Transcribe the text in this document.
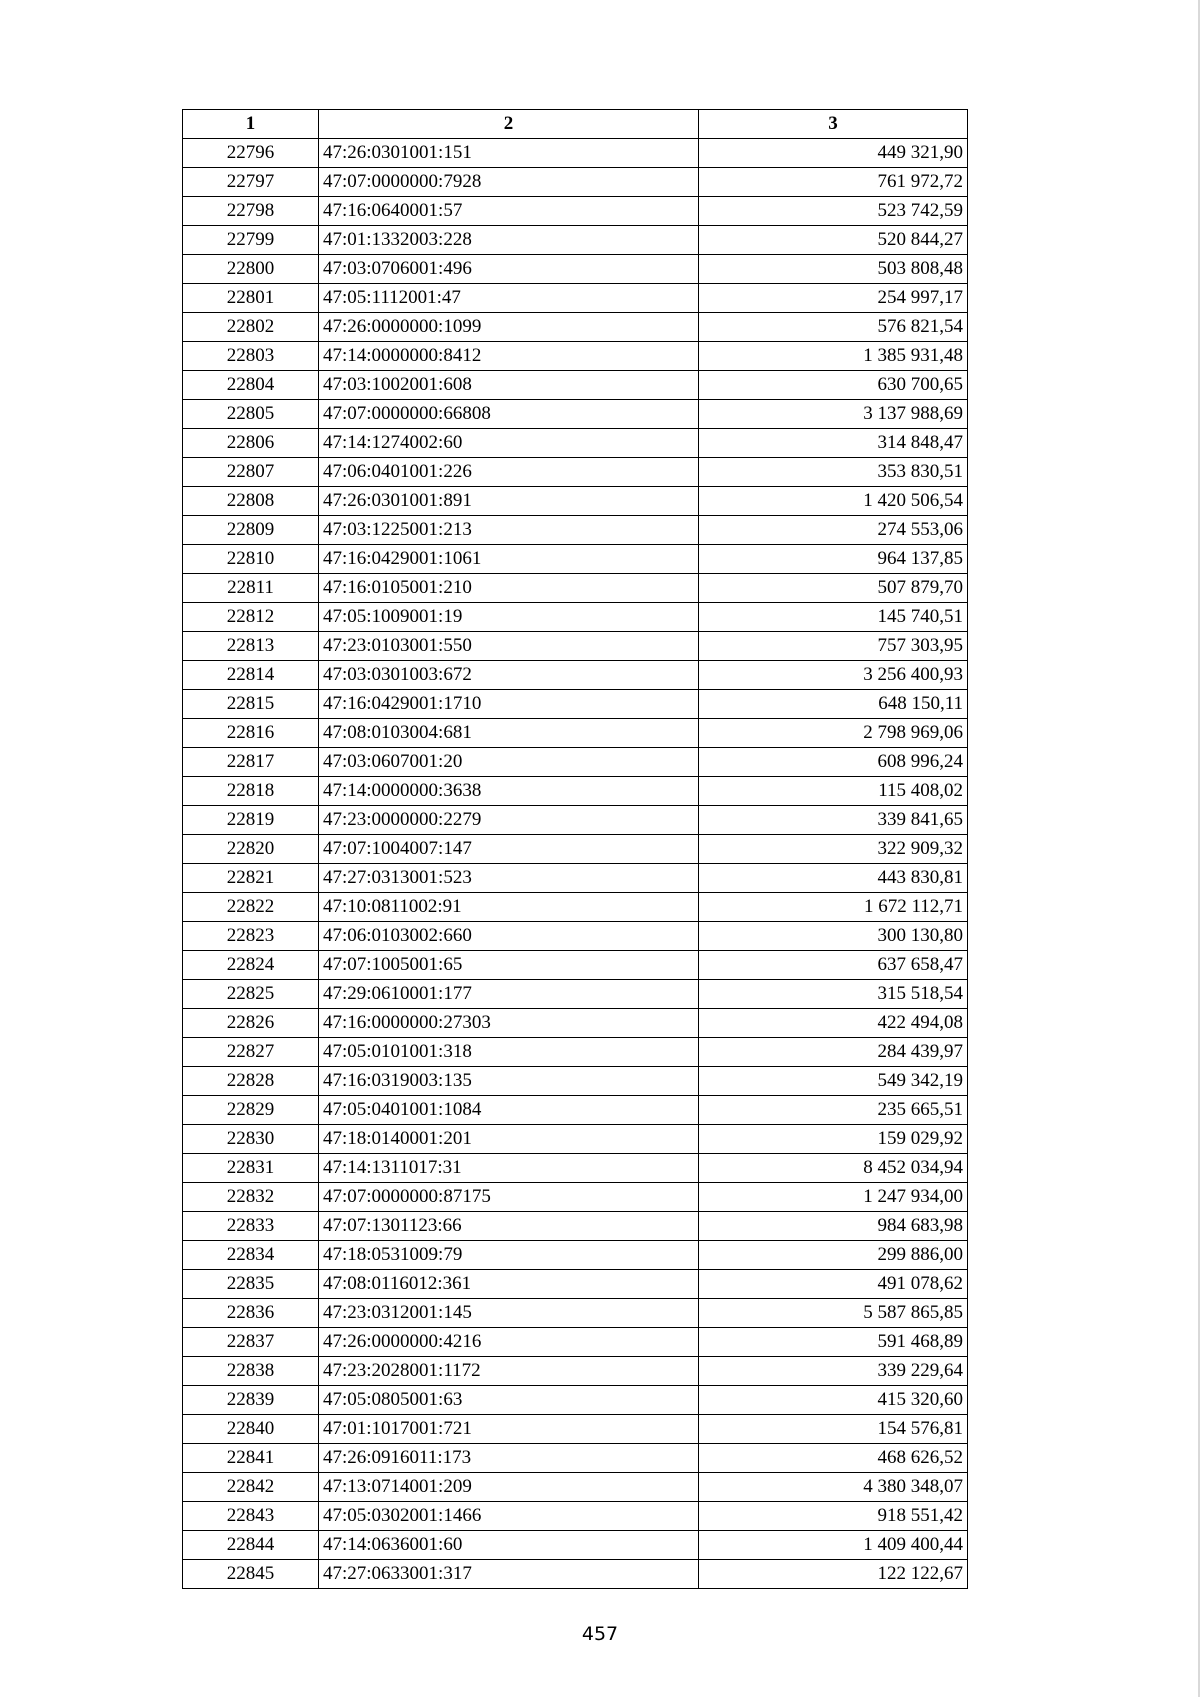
1	2	3
22796	47:26:0301001:151	449 321,90
22797	47:07:0000000:7928	761 972,72
22798	47:16:0640001:57	523 742,59
22799	47:01:1332003:228	520 844,27
22800	47:03:0706001:496	503 808,48
22801	47:05:1112001:47	254 997,17
22802	47:26:0000000:1099	576 821,54
22803	47:14:0000000:8412	1 385 931,48
22804	47:03:1002001:608	630 700,65
22805	47:07:0000000:66808	3 137 988,69
22806	47:14:1274002:60	314 848,47
22807	47:06:0401001:226	353 830,51
22808	47:26:0301001:891	1 420 506,54
22809	47:03:1225001:213	274 553,06
22810	47:16:0429001:1061	964 137,85
22811	47:16:0105001:210	507 879,70
22812	47:05:1009001:19	145 740,51
22813	47:23:0103001:550	757 303,95
22814	47:03:0301003:672	3 256 400,93
22815	47:16:0429001:1710	648 150,11
22816	47:08:0103004:681	2 798 969,06
22817	47:03:0607001:20	608 996,24
22818	47:14:0000000:3638	115 408,02
22819	47:23:0000000:2279	339 841,65
22820	47:07:1004007:147	322 909,32
22821	47:27:0313001:523	443 830,81
22822	47:10:0811002:91	1 672 112,71
22823	47:06:0103002:660	300 130,80
22824	47:07:1005001:65	637 658,47
22825	47:29:0610001:177	315 518,54
22826	47:16:0000000:27303	422 494,08
22827	47:05:0101001:318	284 439,97
22828	47:16:0319003:135	549 342,19
22829	47:05:0401001:1084	235 665,51
22830	47:18:0140001:201	159 029,92
22831	47:14:1311017:31	8 452 034,94
22832	47:07:0000000:87175	1 247 934,00
22833	47:07:1301123:66	984 683,98
22834	47:18:0531009:79	299 886,00
22835	47:08:0116012:361	491 078,62
22836	47:23:0312001:145	5 587 865,85
22837	47:26:0000000:4216	591 468,89
22838	47:23:2028001:1172	339 229,64
22839	47:05:0805001:63	415 320,60
22840	47:01:1017001:721	154 576,81
22841	47:26:0916011:173	468 626,52
22842	47:13:0714001:209	4 380 348,07
22843	47:05:0302001:1466	918 551,42
22844	47:14:0636001:60	1 409 400,44
22845	47:27:0633001:317	122 122,67
457
